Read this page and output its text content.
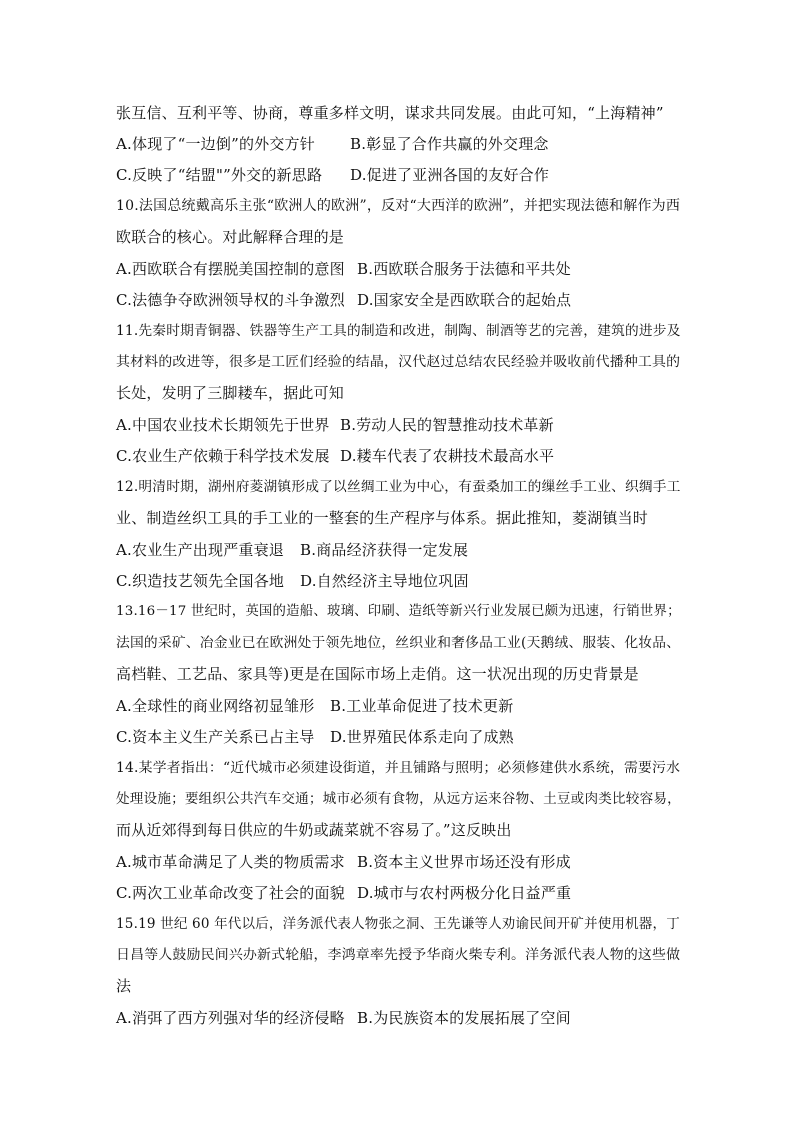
张互信、互利平等、协商，尊重多样文明，谋求共同发展。由此可知，“上海精神”
A.体现了“一边倒”的外交方针 B.彰显了合作共赢的外交理念
C.反映了“结盟"”外交的新思路 D.促进了亚洲各国的友好合作
10.法国总统戴高乐主张“欧洲人的欧洲”，反对“大西洋的欧洲”，并把实现法德和解作为西
欧联合的核心。对此解释合理的是
A.西欧联合有摆脱美国控制的意图 B.西欧联合服务于法德和平共处
C.法德争夺欧洲领导权的斗争激烈 D.国家安全是西欧联合的起始点
11.先秦时期青铜器、铁器等生产工具的制造和改进，制陶、制酒等艺的完善，建筑的进步及
其材料的改进等，很多是工匠们经验的结晶，汉代赵过总结农民经验并吸收前代播种工具的
长处，发明了三脚耧车，据此可知
A.中国农业技术长期领先于世界 B.劳动人民的智慧推动技术革新
C.农业生产依赖于科学技术发展 D.耧车代表了农耕技术最高水平
12.明清时期，湖州府菱湖镇形成了以丝绸工业为中心，有蚕桑加工的缫丝手工业、织绸手工
业、制造丝织工具的手工业的一整套的生产程序与体系。据此推知，菱湖镇当时
A.农业生产出现严重衰退 B.商品经济获得一定发展
C.织造技艺领先全国各地 D.自然经济主导地位巩固
13.16－17 世纪时，英国的造船、玻璃、印刷、造纸等新兴行业发展已颇为迅速，行销世界；
法国的采矿、冶金业已在欧洲处于领先地位，丝织业和奢侈品工业(天鹅绒、服装、化妆品、
高档鞋、工艺品、家具等)更是在国际市场上走俏。这一状况出现的历史背景是
A.全球性的商业网络初显雏形 B.工业革命促进了技术更新
C.资本主义生产关系已占主导 D.世界殖民体系走向了成熟
14.某学者指出：“近代城市必须建设街道，并且铺路与照明；必须修建供水系统，需要污水
处理设施；要组织公共汽车交通；城市必须有食物，从远方运来谷物、土豆或肉类比较容易，
而从近郊得到每日供应的牛奶或蔬菜就不容易了。”这反映出
A.城市革命满足了人类的物质需求 B.资本主义世界市场还没有形成
C.两次工业革命改变了社会的面貌 D.城市与农村两极分化日益严重
15.19 世纪 60 年代以后，洋务派代表人物张之洞、王先谦等人劝谕民间开矿并使用机器，丁
日昌等人鼓励民间兴办新式轮船，李鸿章率先授予华商火柴专利。洋务派代表人物的这些做
法
A.消弭了西方列强对华的经济侵略 B.为民族资本的发展拓展了空间
